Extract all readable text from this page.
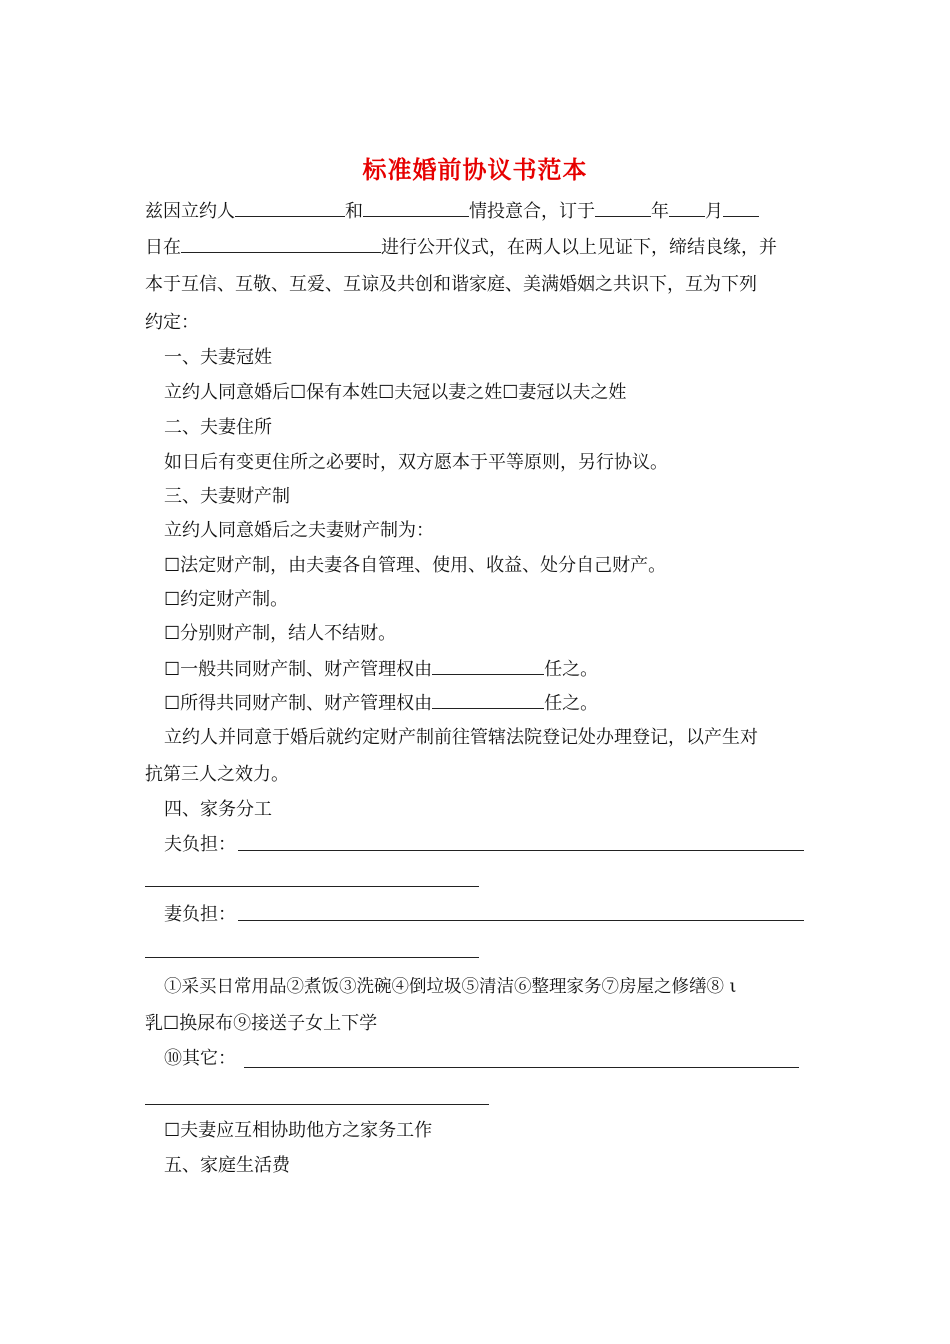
标准婚前协议书范本
兹因立约人	和	情投意合，订于	年 月
日在	进行公开仪式，在两人以上见证下，缔结良缘，并
本于互信、互敬、互爱、互谅及共创和谐家庭、美满婚姻之共识下，互为下列
约定：
一、夫妻冠姓
立约人同意婚后☐保有本姓☐夫冠以妻之姓☐妻冠以夫之姓
二、夫妻住所
如日后有变更住所之必要时，双方愿本于平等原则，另行协议。
三、夫妻财产制
立约人同意婚后之夫妻财产制为：
☐法定财产制，由夫妻各自管理、使用、收益、处分自己财产。
☐约定财产制。
☐分别财产制，结人不结财。
☐一般共同财产制、财产管理权由	任之。
☐所得共同财产制、财产管理权由	任之。
立约人并同意于婚后就约定财产制前往管辖法院登记处办理登记，以产生对
抗第三人之效力。
四、家务分工
夫负担：
妻负担：
①采买日常用品②煮饭③洗碗④倒垃圾⑤清洁⑥整理家务⑦房屋之修缮⑧ ι
乳☐换尿布⑨接送子女上下学
⑩其它：
☐夫妻应互相协助他方之家务工作
五、家庭生活费
